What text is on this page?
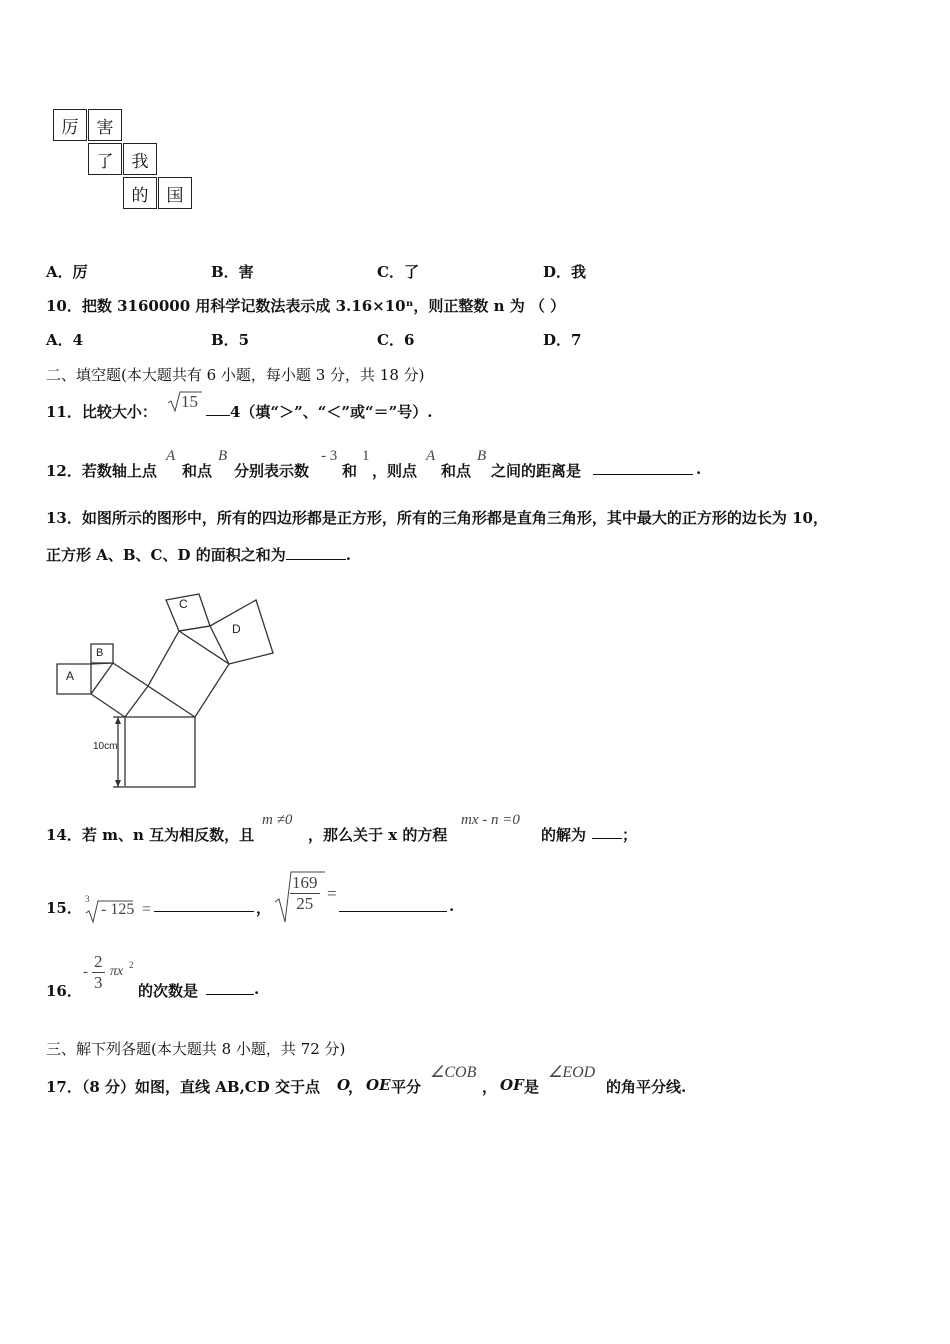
厉	害
了	我
的	国
A．厉	B．害	C．了	D．我
10．把数 3160000 用科学记数法表示成 3.16×10ⁿ，则正整数 n 为 （ ）
A．4	B．5	C．6	D．7
二、填空题(本大题共有 6 小题，每小题 3 分，共 18 分)
11．比较大小：
15
4（填“＞”、“＜”或“＝”号）.
12．若数轴上点
A
和点
B
分别表示数
- 3
和
1
，则点
A
和点
B
之间的距离是	.
13．如图所示的图形中，所有的四边形都是正方形，所有的三角形都是直角三角形，其中最大的正方形的边长为 10，
正方形 A、B、C、D 的面积之和为	.
A
B
C
D
10cm
14．若 m、n 互为相反数，且
m ≠0
，那么关于 x 的方程
mx - n =0
的解为 ；
15． 3
- 125 =	， $\frac{169}{25}$ =
.
16．
- $\frac{2}{3}$ πx 2
的次数是	.
三、解下列各题(本大题共 8 小题，共 72 分)
17．（8 分）如图，直线 AB,CD 交于点 O
， OE 平分
∠COB
， OF 是
∠EOD
的角平分线.
